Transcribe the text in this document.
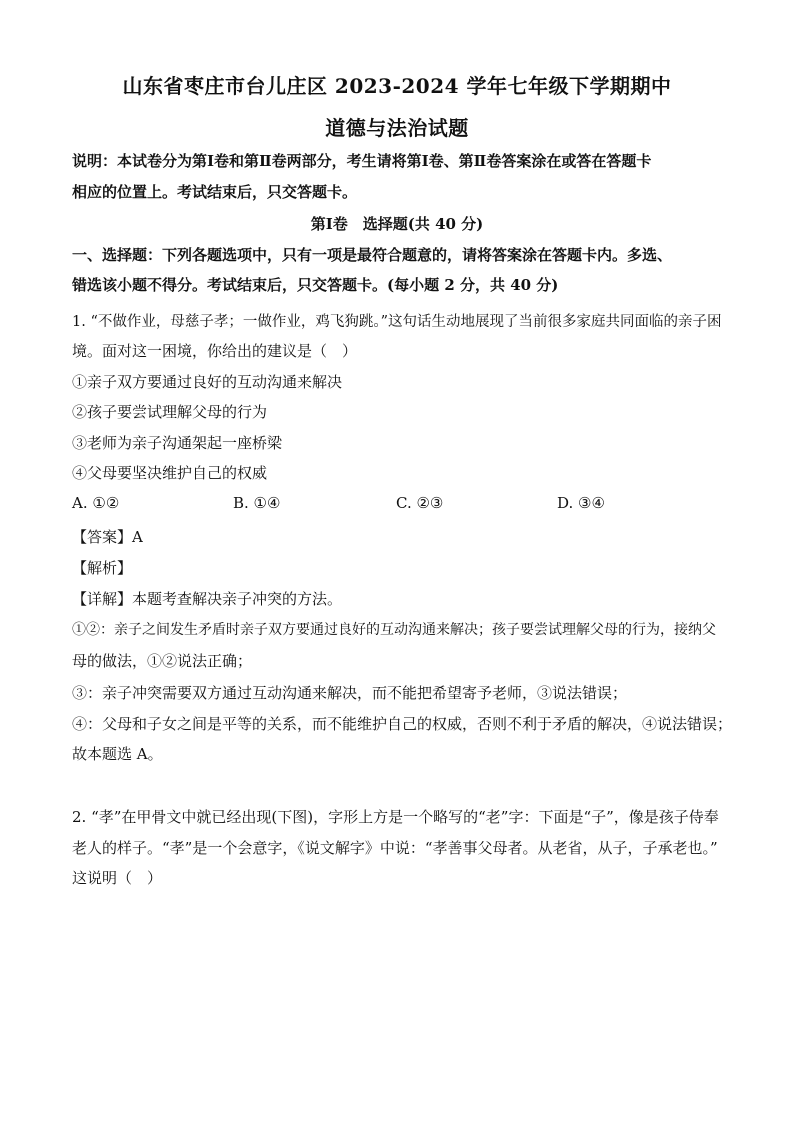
山东省枣庄市台儿庄区 2023-2024 学年七年级下学期期中
道德与法治试题
说明：本试卷分为第Ⅰ卷和第Ⅱ卷两部分，考生请将第Ⅰ卷、第Ⅱ卷答案涂在或答在答题卡
相应的位置上。考试结束后，只交答题卡。
第Ⅰ卷　选择题(共 40 分)
一、选择题：下列各题选项中，只有一项是最符合题意的，请将答案涂在答题卡内。多选、
错选该小题不得分。考试结束后，只交答题卡。(每小题 2 分，共 40 分)
1. “不做作业，母慈子孝；一做作业，鸡飞狗跳。”这句话生动地展现了当前很多家庭共同面临的亲子困
境。面对这一困境，你给出的建议是（　）
①亲子双方要通过良好的互动沟通来解决
②孩子要尝试理解父母的行为
③老师为亲子沟通架起一座桥梁
④父母要坚决维护自己的权威
A. ①②	B. ①④	C. ②③	D. ③④
【答案】A
【解析】
【详解】本题考查解决亲子冲突的方法。
①②：亲子之间发生矛盾时亲子双方要通过良好的互动沟通来解决；孩子要尝试理解父母的行为，接纳父
母的做法，①②说法正确；
③：亲子冲突需要双方通过互动沟通来解决，而不能把希望寄予老师，③说法错误；
④：父母和子女之间是平等的关系，而不能维护自己的权威，否则不利于矛盾的解决，④说法错误；
故本题选 A。
2. “孝”在甲骨文中就已经出现(下图)，字形上方是一个略写的“老”字：下面是“子”，像是孩子侍奉
老人的样子。“孝”是一个会意字，《说文解字》中说：“孝善事父母者。从老省，从子，子承老也。”
这说明（　）
